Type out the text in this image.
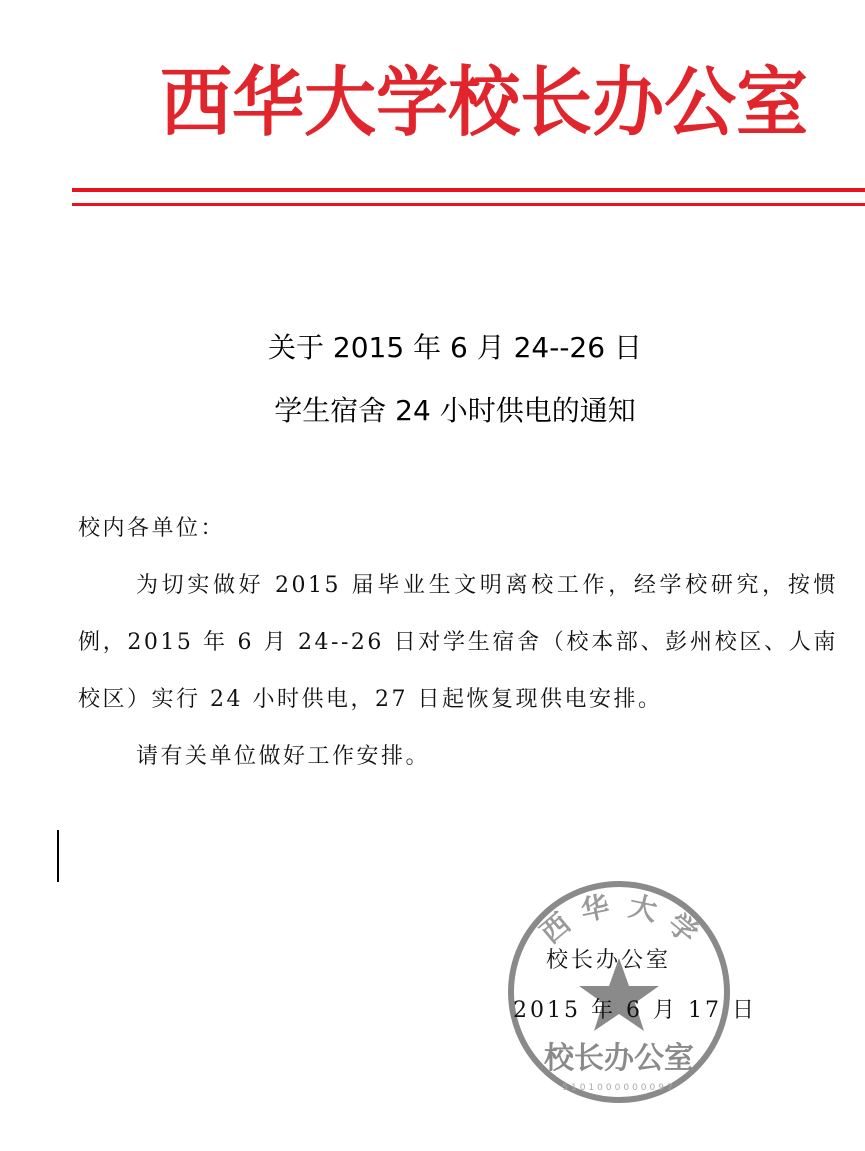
西 华 大 学 校 长 办 公 室
关于 2015 年 6 月 24--26 日
学生宿舍 24 小时供电的通知

校内各单位：

为切实做好 2015 届毕业生文明离校工作，经学校研究，按惯例，2015 年 6 月 24--26 日对学生宿舍（校本部、彭州校区、人南校区）实行 24 小时供电，27 日起恢复现供电安排。

请有关单位做好工作安排。

西 华 大 学
校长办公室
5101000000097
校长办公室
2015 年 6 月 17 日
